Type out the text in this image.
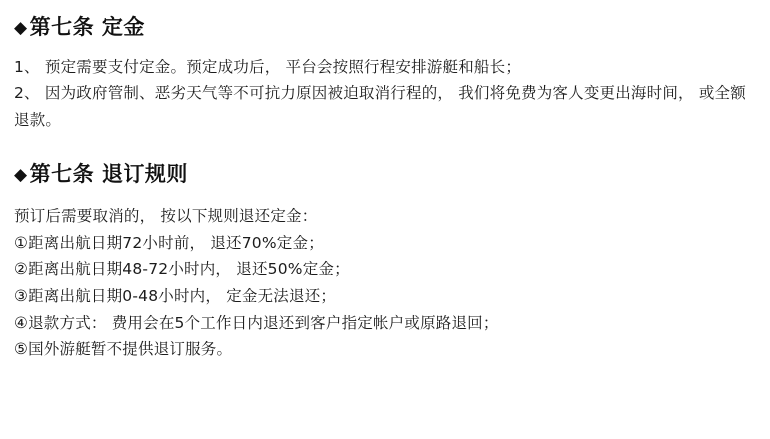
◆ 第七条 定金

1、 预定需要支付定金。预定成功后， 平台会按照行程安排游艇和船长；

2、 因为政府管制、恶劣天气等不可抗力原因被迫取消行程的， 我们将免费为客人变更出海时间， 或全额退款。

◆ 第七条 退订规则

预订后需要取消的， 按以下规则退还定金：

①距离出航日期72小时前， 退还70%定金；
②距离出航日期48-72小时内， 退还50%定金；
③距离出航日期0-48小时内， 定金无法退还；
④退款方式： 费用会在5个工作日内退还到客户指定帐户或原路退回；
⑤国外游艇暂不提供退订服务。
